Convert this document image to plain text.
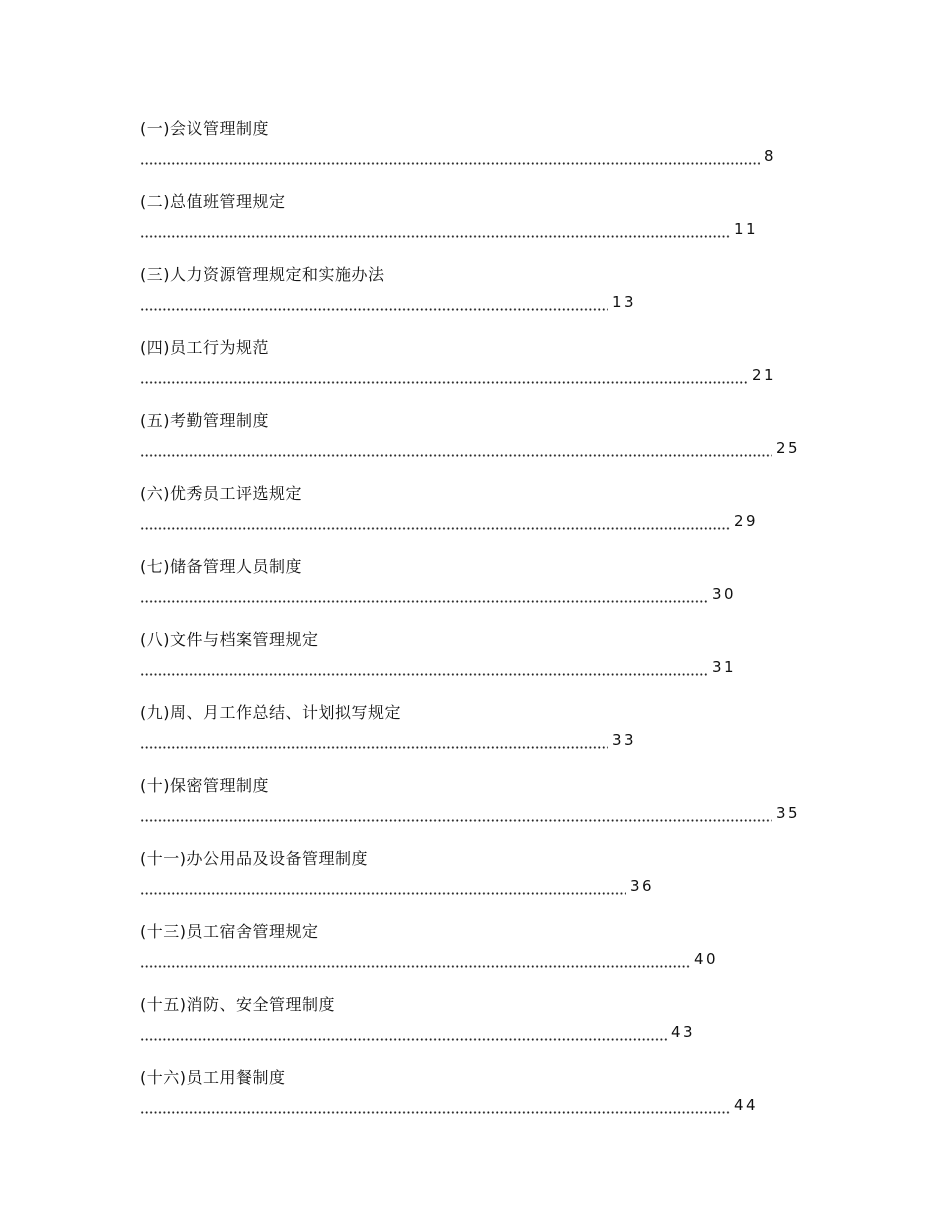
(一)会议管理制度
8
(二)总值班管理规定
11
(三)人力资源管理规定和实施办法
13
(四)员工行为规范
21
(五)考勤管理制度
25
(六)优秀员工评选规定
29
(七)储备管理人员制度
30
(八)文件与档案管理规定
31
(九)周、月工作总结、计划拟写规定
33
(十)保密管理制度
35
(十一)办公用品及设备管理制度
36
(十三)员工宿舍管理规定
40
(十五)消防、安全管理制度
43
(十六)员工用餐制度
44
